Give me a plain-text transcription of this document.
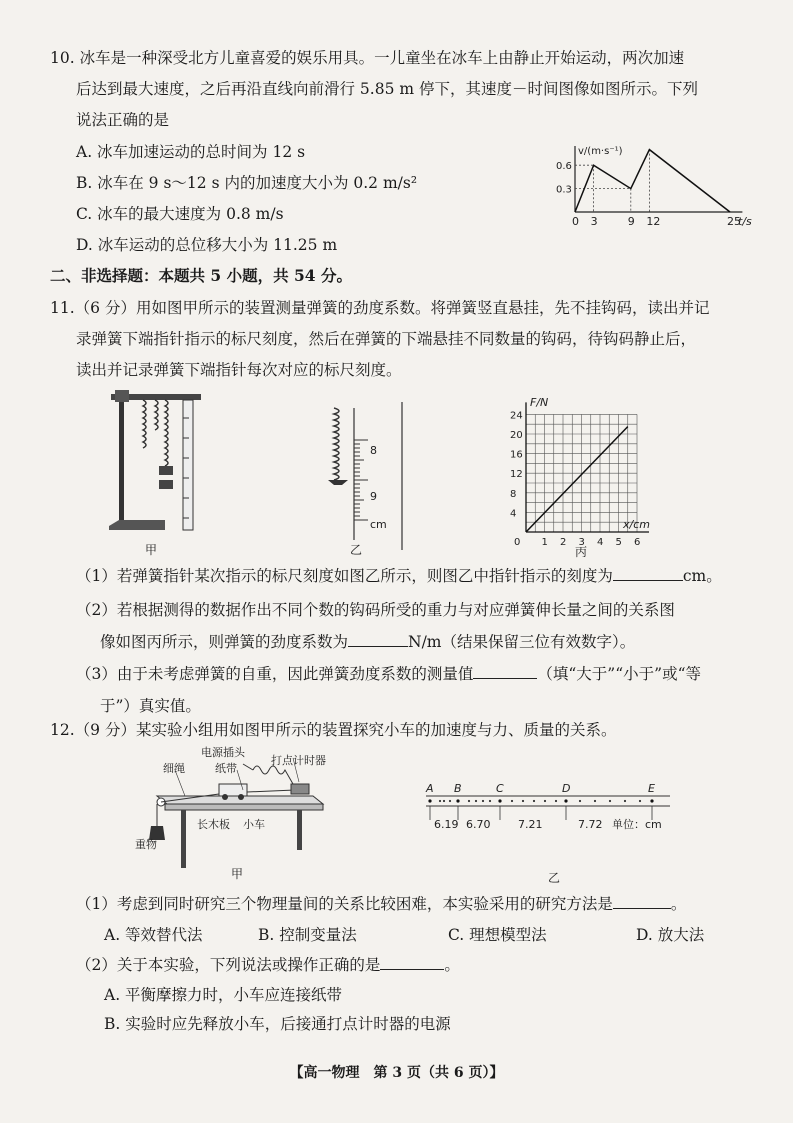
10. 冰车是一种深受北方儿童喜爱的娱乐用具。一儿童坐在冰车上由静止开始运动，两次加速
后达到最大速度，之后再沿直线向前滑行 5.85 m 停下，其速度－时间图像如图所示。下列
说法正确的是
A. 冰车加速运动的总时间为 12 s
B. 冰车在 9 s～12 s 内的加速度大小为 0.2 m/s²
C. 冰车的最大速度为 0.8 m/s
D. 冰车运动的总位移大小为 11.25 m
0 3	9 12	25
0.6
0.3
v/(m·s⁻¹)
t/s
二、非选择题：本题共 5 小题，共 54 分。
11.（6 分）用如图甲所示的装置测量弹簧的劲度系数。将弹簧竖直悬挂，先不挂钩码，读出并记
录弹簧下端指针指示的标尺刻度，然后在弹簧的下端悬挂不同数量的钩码，待钩码静止后，
读出并记录弹簧下端指针每次对应的标尺刻度。
甲
8
9
cm
乙
0 1 2 3 4 5 6
4
8
12
16
20
24
F/N
x/cm
丙
（1）若弹簧指针某次指示的标尺刻度如图乙所示，则图乙中指针指示的刻度为	cm。
（2）若根据测得的数据作出不同个数的钩码所受的重力与对应弹簧伸长量之间的关系图
像如图丙所示，则弹簧的劲度系数为	N/m（结果保留三位有效数字）。
（3）由于未考虑弹簧的自重，因此弹簧劲度系数的测量值	（填“大于”“小于”或“等
于”）真实值。
12.（9 分）某实验小组用如图甲所示的装置探究小车的加速度与力、质量的关系。
电源插头
细绳	纸带
打点计时器
长木板 小车
重物
甲
A B	C	D	E
6.19 6.70	7.21	7.72 单位：cm
乙
（1）考虑到同时研究三个物理量间的关系比较困难，本实验采用的研究方法是	。
A. 等效替代法	B. 控制变量法	C. 理想模型法	D. 放大法
（2）关于本实验，下列说法或操作正确的是	。
A. 平衡摩擦力时，小车应连接纸带
B. 实验时应先释放小车，后接通打点计时器的电源
【高一物理　第 3 页（共 6 页）】
